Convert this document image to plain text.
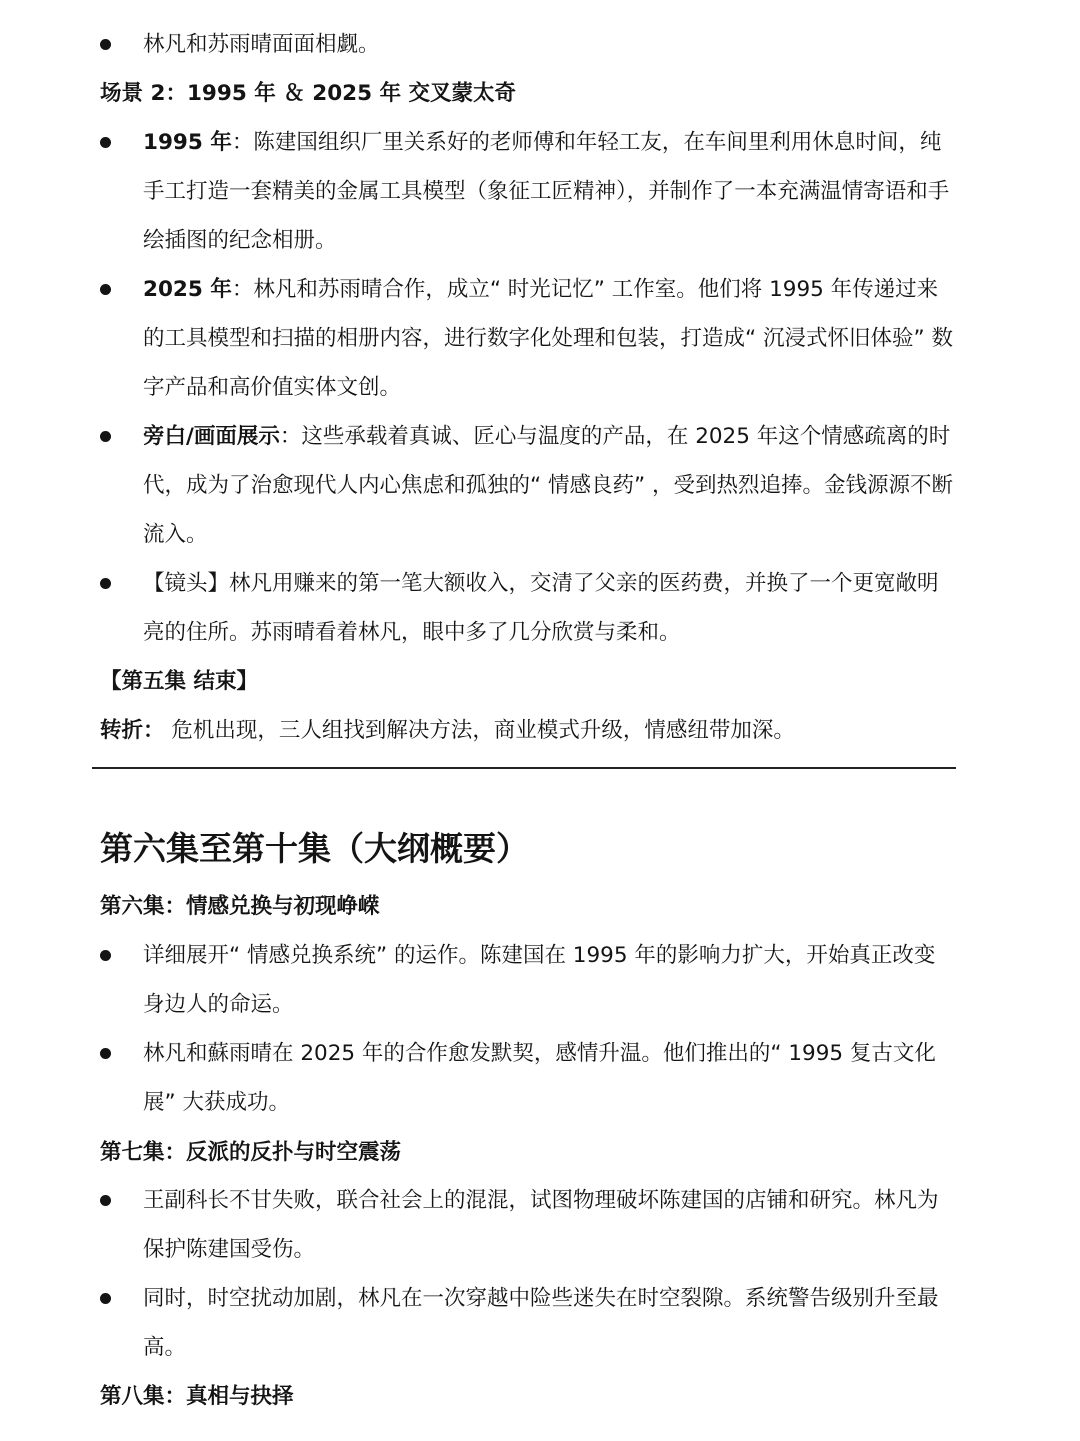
林凡和苏雨晴面面相觑。
场景 2：1995 年 ＆ 2025 年 交叉蒙太奇
1995 年：陈建国组织厂里关系好的老师傅和年轻工友，在车间里利用休息时间，纯手工打造一套精美的金属工具模型（象征工匠精神），并制作了一本充满温情寄语和手绘插图的纪念相册。
2025 年：林凡和苏雨晴合作，成立“ 时光记忆” 工作室。他们将 1995 年传递过来的工具模型和扫描的相册内容，进行数字化处理和包装，打造成“ 沉浸式怀旧体验” 数字产品和高价值实体文创。
旁白/画面展示：这些承载着真诚、匠心与温度的产品，在 2025 年这个情感疏离的时代，成为了治愈现代人内心焦虑和孤独的“ 情感良药” ，受到热烈追捧。金钱源源不断流入。
【镜头】林凡用赚来的第一笔大额收入，交清了父亲的医药费，并换了一个更宽敞明亮的住所。苏雨晴看着林凡，眼中多了几分欣赏与柔和。
【第五集 结束】
转折： 危机出现，三人组找到解决方法，商业模式升级，情感纽带加深。
第六集至第十集（大纲概要）
第六集：情感兑换与初现峥嵘
详细展开“ 情感兑换系统” 的运作。陈建国在 1995 年的影响力扩大，开始真正改变身边人的命运。
林凡和蘇雨晴在 2025 年的合作愈发默契，感情升温。他们推出的“ 1995 复古文化展” 大获成功。
第七集：反派的反扑与时空震荡
王副科长不甘失败，联合社会上的混混，试图物理破坏陈建国的店铺和研究。林凡为保护陈建国受伤。
同时，时空扰动加剧，林凡在一次穿越中险些迷失在时空裂隙。系统警告级别升至最高。
第八集：真相与抉择
